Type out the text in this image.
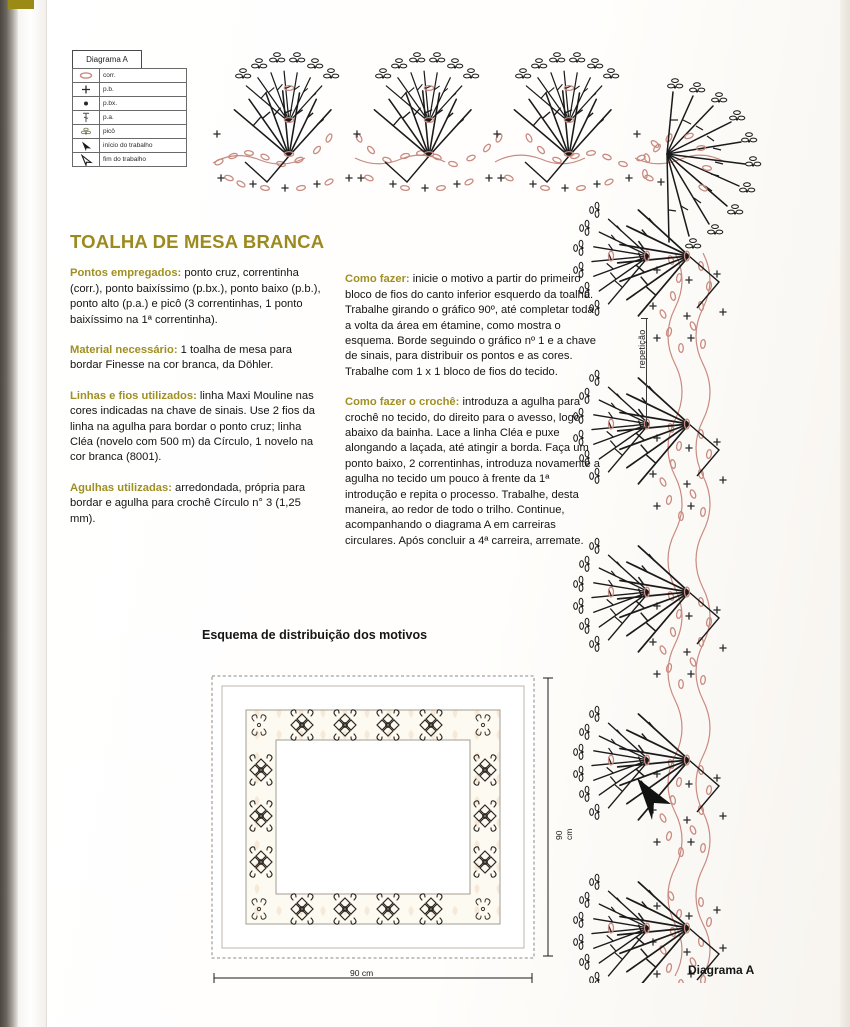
Diagrama A
	corr.

	p.b.

	p.bx.

	p.a.

	picô

	início do trabalho

	fim do trabalho
repetição
TOALHA DE MESA BRANCA

Pontos empregados: ponto cruz, correntinha (corr.), ponto baixíssimo (p.bx.), ponto baixo (p.b.), ponto alto (p.a.) e picô (3 correntinhas, 1 ponto baixíssimo na 1ª correntinha).

Material necessário: 1 toalha de mesa para bordar Finesse na cor branca, da Döhler.

Linhas e fios utilizados: linha Maxi Mouline nas cores indicadas na chave de sinais. Use 2 fios da linha na agulha para bordar o ponto cruz; linha Cléa (novelo com 500 m) da Círculo, 1 novelo na cor branca (8001).

Agulhas utilizadas: arredondada, própria para bordar e agulha para crochê Círculo n° 3 (1,25 mm).

Como fazer: inicie o motivo a partir do primeiro bloco de fios do canto inferior esquerdo da toalha. Trabalhe girando o gráfico 90º, até completar toda a volta da área em étamine, como mostra o esquema. Borde seguindo o gráfico nº 1 e a chave de sinais, para distribuir os pontos e as cores. Trabalhe com 1 x 1 bloco de fios do tecido.

Como fazer o crochê: introduza a agulha para crochê no tecido, do direito para o avesso, logo abaixo da bainha. Lace a linha Cléa e puxe alongando a laçada, até atingir a borda. Faça um ponto baixo, 2 correntinhas, introduza novamente a agulha no tecido um pouco à frente da 1ª introdução e repita o processo. Trabalhe, desta maneira, ao redor de todo o trilho. Continue, acompanhando o diagrama A em carreiras circulares. Após concluir a 4ª carreira, arremate.

Esquema de distribuição dos motivos
90 cm
90 cm
Diagrama A
